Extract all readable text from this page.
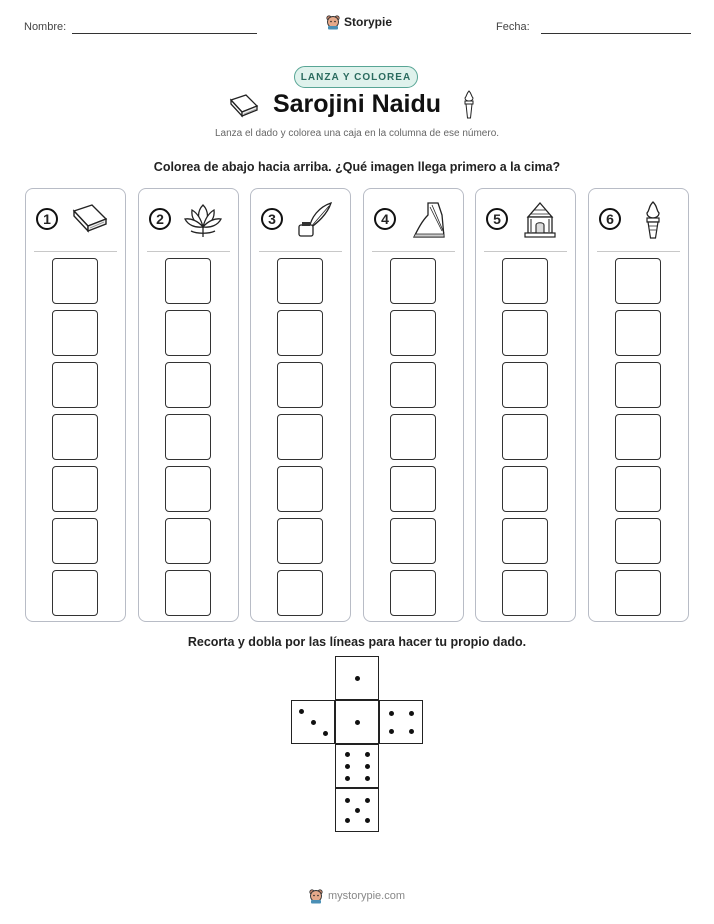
Nombre:	Storypie	Fecha:
LANZA Y COLOREA
Sarojini Naidu
Lanza el dado y colorea una caja en la columna de ese número.
Colorea de abajo hacia arriba. ¿Qué imagen llega primero a la cima?
1	2	3	4	5	6
Recorta y dobla por las líneas para hacer tu propio dado.
mystorypie.com
